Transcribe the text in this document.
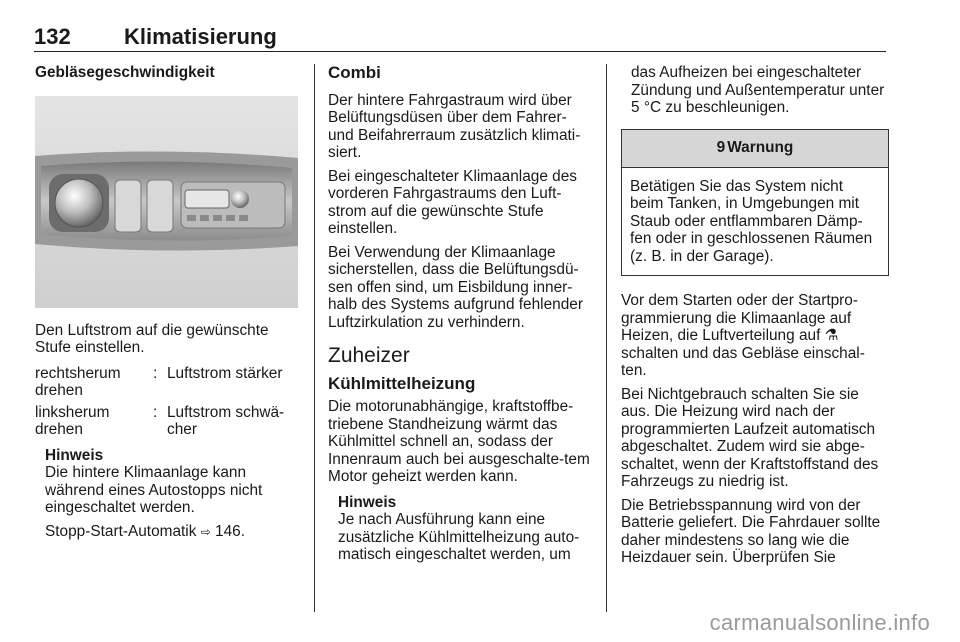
132 Klimatisierung
Gebläsegeschwindigkeit

Den Luftstrom auf die gewünschte Stufe einstellen.

rechtsherum drehen
: Luftstrom stärker
linksherum drehen
: Luftstrom schwä-cher
Hinweis

Die hintere Klimaanlage kann während eines Autostopps nicht eingeschaltet werden.

Stopp-Start-Automatik ⇨ 146.

Combi

Der hintere Fahrgastraum wird über Belüftungsdüsen über dem Fahrer- und Beifahrerraum zusätzlich klimati-siert.

Bei eingeschalteter Klimaanlage des vorderen Fahrgastraums den Luft-strom auf die gewünschte Stufe einstellen.

Bei Verwendung der Klimaanlage sicherstellen, dass die Belüftungsdü-sen offen sind, um Eisbildung inner-halb des Systems aufgrund fehlender Luftzirkulation zu verhindern.

Zuheizer
Kühlmittelheizung

Die motorunabhängige, kraftstoffbe-triebene Standheizung wärmt das Kühlmittel schnell an, sodass der Innenraum auch bei ausgeschalte-tem Motor geheizt werden kann.

Hinweis

Je nach Ausführung kann eine zusätzliche Kühlmittelheizung auto-matisch eingeschaltet werden, um

das Aufheizen bei eingeschalteter Zündung und Außentemperatur unter 5 °C zu beschleunigen.

9 Warnung
Betätigen Sie das System nicht beim Tanken, in Umgebungen mit Staub oder entflammbaren Dämp-fen oder in geschlossenen Räumen (z. B. in der Garage).

Vor dem Starten oder der Startpro-grammierung die Klimaanlage auf Heizen, die Luftverteilung auf ⚗ schalten und das Gebläse einschal-ten.

Bei Nichtgebrauch schalten Sie sie aus. Die Heizung wird nach der programmierten Laufzeit automatisch abgeschaltet. Zudem wird sie abge-schaltet, wenn der Kraftstoffstand des Fahrzeugs zu niedrig ist.

Die Betriebsspannung wird von der Batterie geliefert. Die Fahrdauer sollte daher mindestens so lang wie die Heizdauer sein. Überprüfen Sie

carmanualsonline.info
